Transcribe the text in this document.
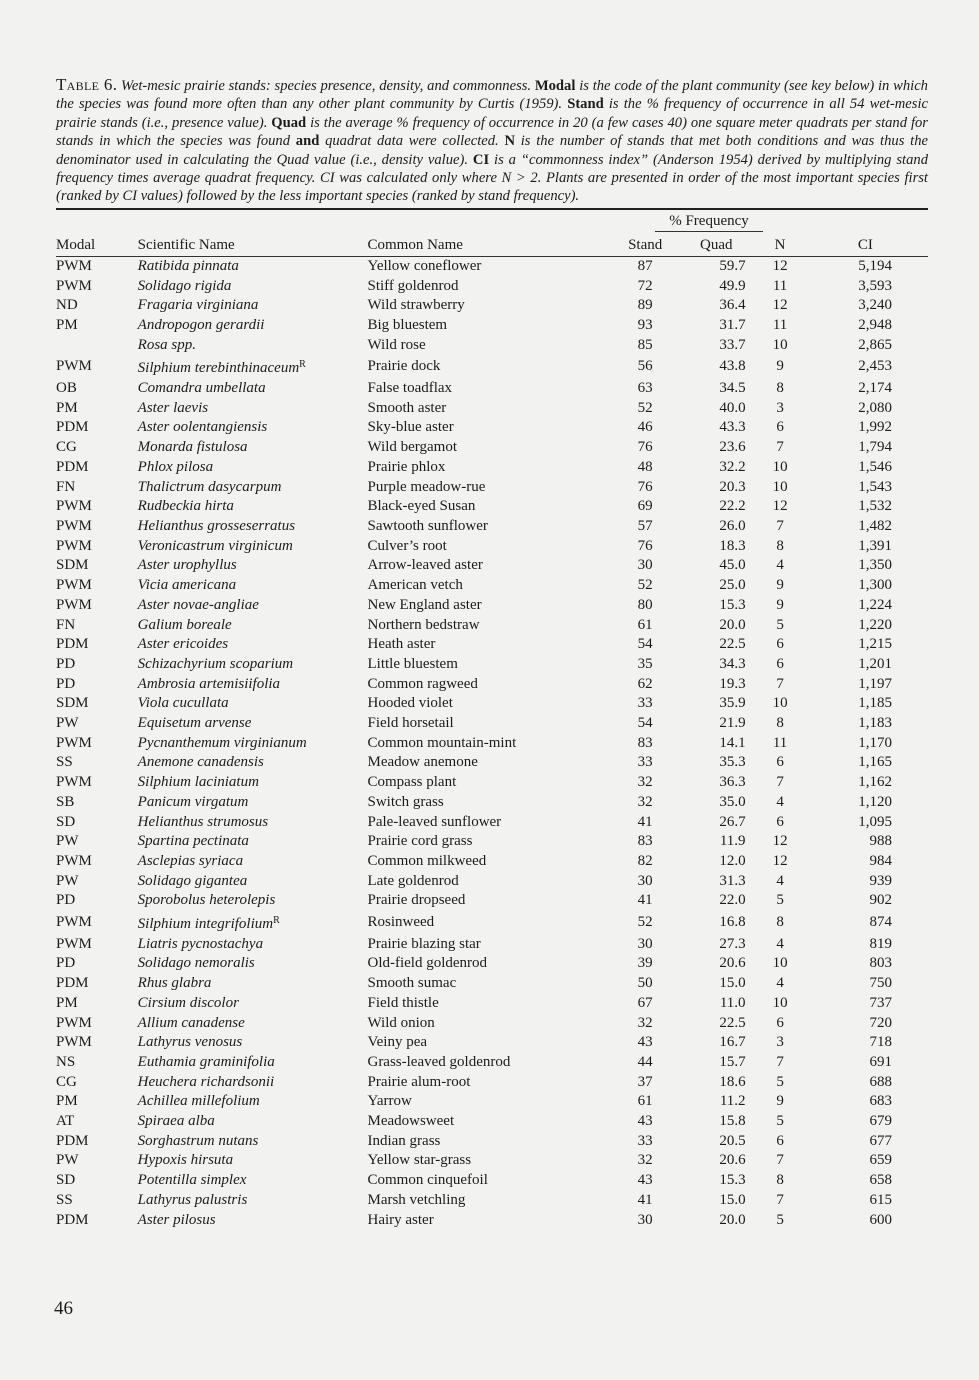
Table 6. Wet-mesic prairie stands: species presence, density, and commonness. Modal is the code of the plant community (see key below) in which the species was found more often than any other plant community by Curtis (1959). Stand is the % frequency of occurrence in all 54 wet-mesic prairie stands (i.e., presence value). Quad is the average % frequency of occurrence in 20 (a few cases 40) one square meter quadrats per stand for stands in which the species was found and quadrat data were collected. N is the number of stands that met both conditions and was thus the denominator used in calculating the Quad value (i.e., density value). CI is a “commonness index” (Anderson 1954) derived by multiplying stand frequency times average quadrat frequency. CI was calculated only where N > 2. Plants are presented in order of the most important species first (ranked by CI values) followed by the less important species (ranked by stand frequency).

			% Frequency			
Modal	Scientific Name	Common Name	Stand	Quad	N	CI
PWM	Ratibida pinnata	Yellow coneflower	87	59.7	12	5,194
PWM	Solidago rigida	Stiff goldenrod	72	49.9	11	3,593
ND	Fragaria virginiana	Wild strawberry	89	36.4	12	3,240
PM	Andropogon gerardii	Big bluestem	93	31.7	11	2,948
	Rosa spp.	Wild rose	85	33.7	10	2,865
PWM	Silphium terebinthinaceum$^R$	Prairie dock	56	43.8	9	2,453
OB	Comandra umbellata	False toadflax	63	34.5	8	2,174
PM	Aster laevis	Smooth aster	52	40.0	3	2,080
PDM	Aster oolentangiensis	Sky-blue aster	46	43.3	6	1,992
CG	Monarda fistulosa	Wild bergamot	76	23.6	7	1,794
PDM	Phlox pilosa	Prairie phlox	48	32.2	10	1,546
FN	Thalictrum dasycarpum	Purple meadow-rue	76	20.3	10	1,543
PWM	Rudbeckia hirta	Black-eyed Susan	69	22.2	12	1,532
PWM	Helianthus grosseserratus	Sawtooth sunflower	57	26.0	7	1,482
PWM	Veronicastrum virginicum	Culver’s root	76	18.3	8	1,391
SDM	Aster urophyllus	Arrow-leaved aster	30	45.0	4	1,350
PWM	Vicia americana	American vetch	52	25.0	9	1,300
PWM	Aster novae-angliae	New England aster	80	15.3	9	1,224
FN	Galium boreale	Northern bedstraw	61	20.0	5	1,220
PDM	Aster ericoides	Heath aster	54	22.5	6	1,215
PD	Schizachyrium scoparium	Little bluestem	35	34.3	6	1,201
PD	Ambrosia artemisiifolia	Common ragweed	62	19.3	7	1,197
SDM	Viola cucullata	Hooded violet	33	35.9	10	1,185
PW	Equisetum arvense	Field horsetail	54	21.9	8	1,183
PWM	Pycnanthemum virginianum	Common mountain-mint	83	14.1	11	1,170
SS	Anemone canadensis	Meadow anemone	33	35.3	6	1,165
PWM	Silphium laciniatum	Compass plant	32	36.3	7	1,162
SB	Panicum virgatum	Switch grass	32	35.0	4	1,120
SD	Helianthus strumosus	Pale-leaved sunflower	41	26.7	6	1,095
PW	Spartina pectinata	Prairie cord grass	83	11.9	12	988
PWM	Asclepias syriaca	Common milkweed	82	12.0	12	984
PW	Solidago gigantea	Late goldenrod	30	31.3	4	939
PD	Sporobolus heterolepis	Prairie dropseed	41	22.0	5	902
PWM	Silphium integrifolium$^R$	Rosinweed	52	16.8	8	874
PWM	Liatris pycnostachya	Prairie blazing star	30	27.3	4	819
PD	Solidago nemoralis	Old-field goldenrod	39	20.6	10	803
PDM	Rhus glabra	Smooth sumac	50	15.0	4	750
PM	Cirsium discolor	Field thistle	67	11.0	10	737
PWM	Allium canadense	Wild onion	32	22.5	6	720
PWM	Lathyrus venosus	Veiny pea	43	16.7	3	718
NS	Euthamia graminifolia	Grass-leaved goldenrod	44	15.7	7	691
CG	Heuchera richardsonii	Prairie alum-root	37	18.6	5	688
PM	Achillea millefolium	Yarrow	61	11.2	9	683
AT	Spiraea alba	Meadowsweet	43	15.8	5	679
PDM	Sorghastrum nutans	Indian grass	33	20.5	6	677
PW	Hypoxis hirsuta	Yellow star-grass	32	20.6	7	659
SD	Potentilla simplex	Common cinquefoil	43	15.3	8	658
SS	Lathyrus palustris	Marsh vetchling	41	15.0	7	615
PDM	Aster pilosus	Hairy aster	30	20.0	5	600
46
